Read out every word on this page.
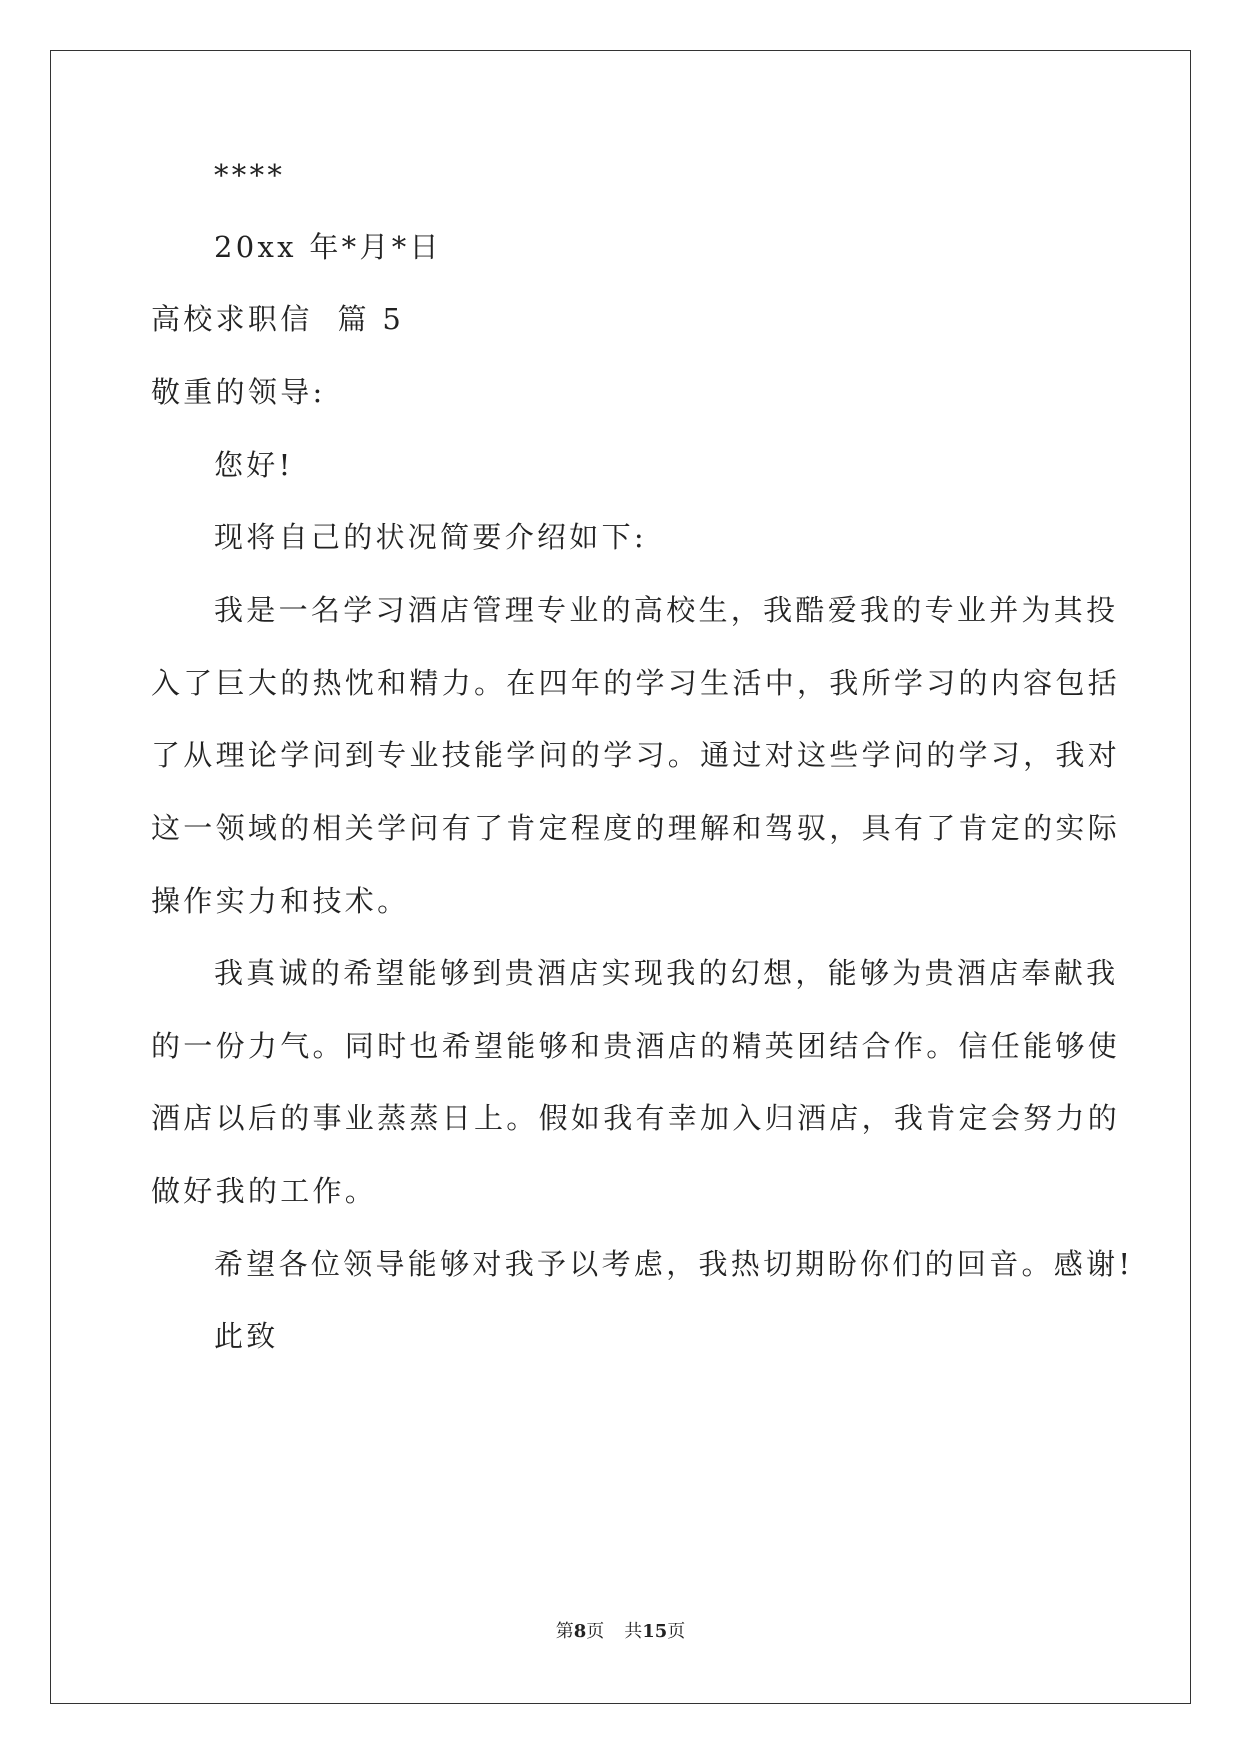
****
20xx 年*月*日
高校求职信  篇 5
敬重的领导:
您好!
现将自己的状况简要介绍如下:
我是一名学习酒店管理专业的高校生，我酷爱我的专业并为其投
入了巨大的热忱和精力。在四年的学习生活中，我所学习的内容包括
了从理论学问到专业技能学问的学习。通过对这些学问的学习，我对
这一领域的相关学问有了肯定程度的理解和驾驭，具有了肯定的实际
操作实力和技术。
我真诚的希望能够到贵酒店实现我的幻想，能够为贵酒店奉献我
的一份力气。同时也希望能够和贵酒店的精英团结合作。信任能够使
酒店以后的事业蒸蒸日上。假如我有幸加入归酒店，我肯定会努力的
做好我的工作。
希望各位领导能够对我予以考虑，我热切期盼你们的回音。感谢!
此致
第8页 共15页
